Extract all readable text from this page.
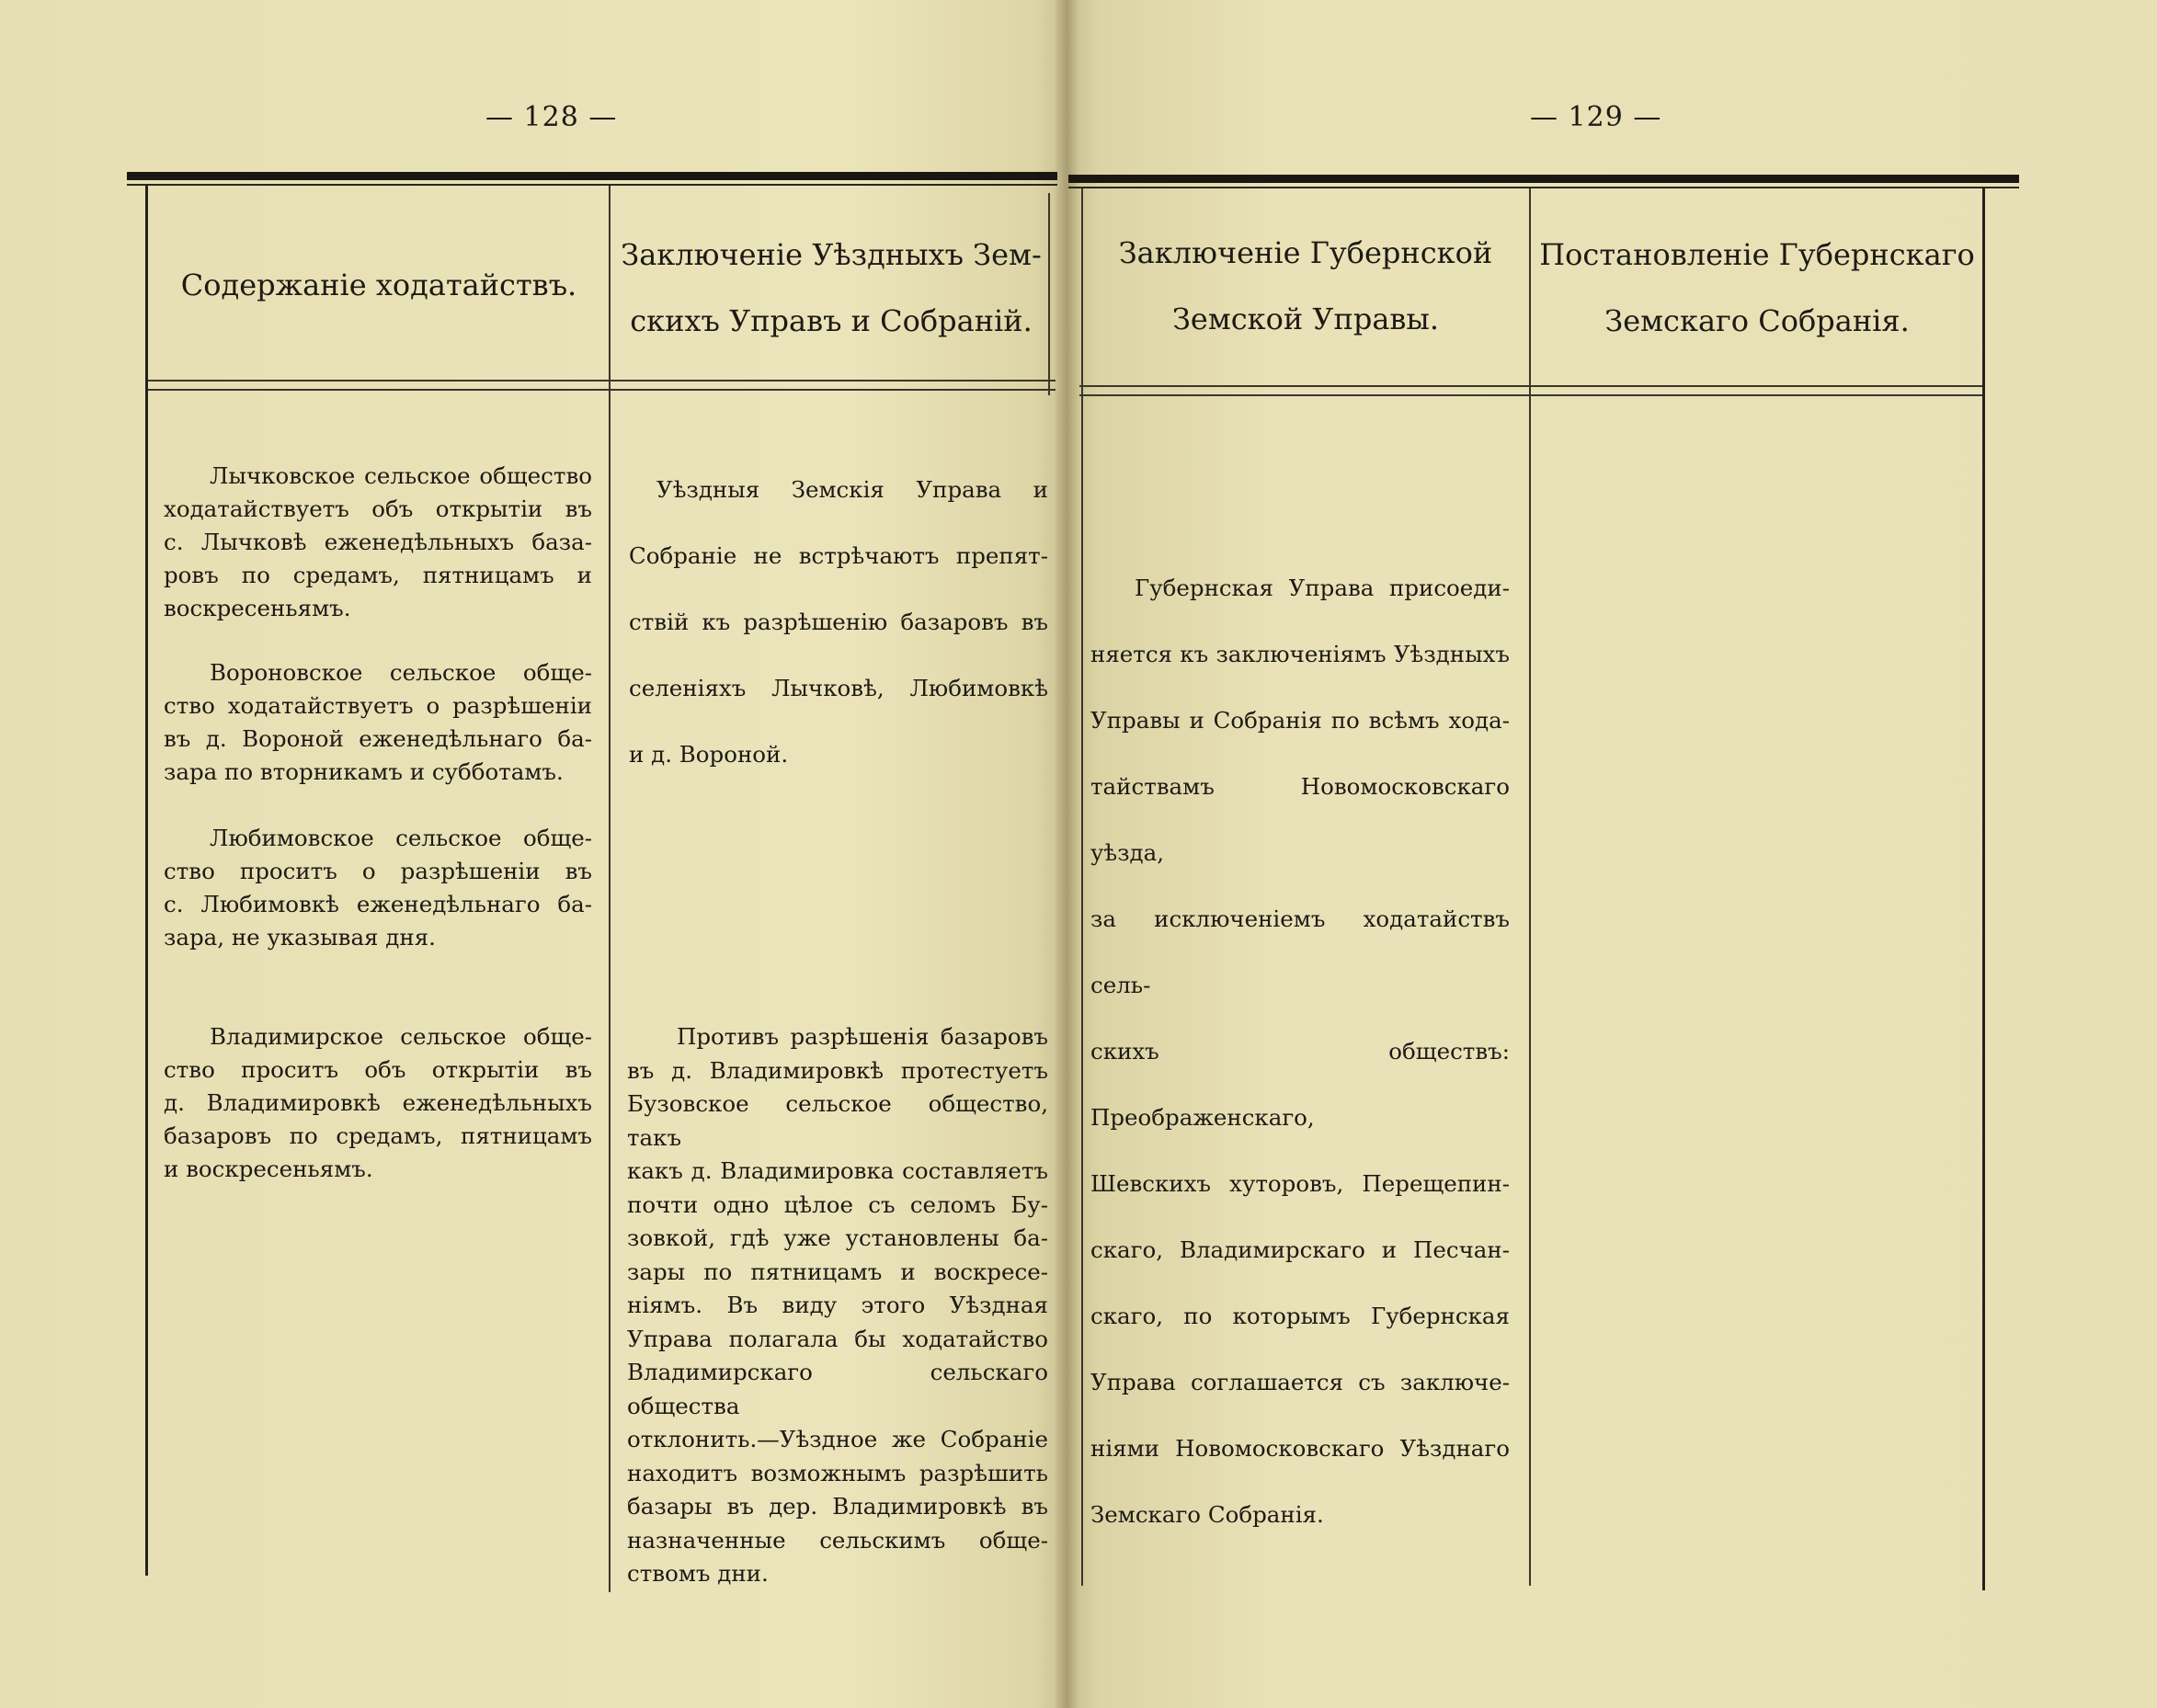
— 128 —	— 129 —
Содержаніе ходатайствъ.
Заключеніе Уѣздныхъ Зем-
скихъ Управъ и Собраній.
Заключеніе Губернской
Земской Управы.
Постановленіе Губернскаго
Земскаго Собранія.
Лычковское сельское общество
ходатайствуетъ объ открытіи въ
с. Лычковѣ еженедѣльныхъ база-
ровъ по средамъ, пятницамъ и
воскресеньямъ.
Вороновское сельское обще-
ство ходатайствуетъ о разрѣшеніи
въ д. Вороной еженедѣльнаго ба-
зара по вторникамъ и субботамъ.
Любимовское сельское обще-
ство проситъ о разрѣшеніи въ
с. Любимовкѣ еженедѣльнаго ба-
зара, не указывая дня.
Владимирское сельское обще-
ство проситъ объ открытіи въ
д. Владимировкѣ еженедѣльныхъ
базаровъ по средамъ, пятницамъ
и воскресеньямъ.
Уѣздныя Земскія Управа и
Собраніе не встрѣчаютъ препят-
ствій къ разрѣшенію базаровъ въ
селеніяхъ Лычковѣ, Любимовкѣ
и д. Вороной.
Противъ разрѣшенія базаровъ
въ д. Владимировкѣ протестуетъ
Бузовское сельское общество, такъ
какъ д. Владимировка составляетъ
почти одно цѣлое съ селомъ Бу-
зовкой, гдѣ уже установлены ба-
зары по пятницамъ и воскресе-
ніямъ. Въ виду этого Уѣздная
Управа полагала бы ходатайство
Владимирскаго сельскаго общества
отклонить.—Уѣздное же Собраніе
находитъ возможнымъ разрѣшить
базары въ дер. Владимировкѣ въ
назначенные сельскимъ обще-
ствомъ дни.
Губернская Управа присоеди-
няется къ заключеніямъ Уѣздныхъ
Управы и Собранія по всѣмъ хода-
тайствамъ Новомосковскаго уѣзда,
за исключеніемъ ходатайствъ сель-
скихъ обществъ: Преображенскаго,
Шевскихъ хуторовъ, Перещепин-
скаго, Владимирскаго и Песчан-
скаго, по которымъ Губернская
Управа соглашается съ заключе-
ніями Новомосковскаго Уѣзднаго
Земскаго Собранія.
